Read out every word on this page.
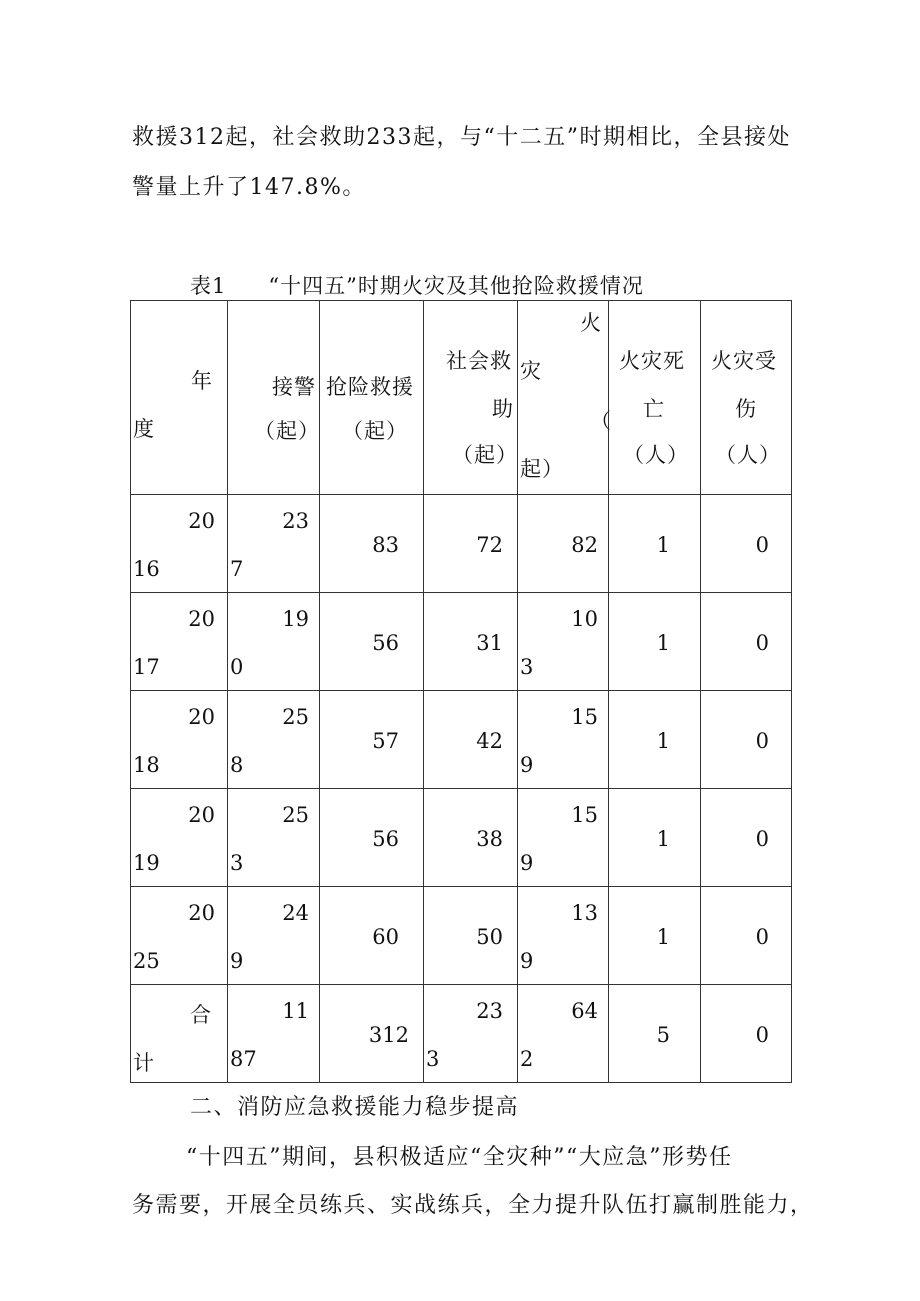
救援312起，社会救助233起，与“十二五”时期相比，全县接处

警量上升了147.8%。

表1 “十四五”时期火灾及其他抢险救援情况

年
度	接警
（起）	抢险救援
（起）	社会救
助
（起）	火
灾
（
起）	火灾死
亡
（人）	火灾受
伤
（人）

20
16	23
7	83	72	82	1	0

20
17	19
0	56	31	10
3	1	0

20
18	25
8	57	42	15
9	1	0

20
19	25
3	56	38	15
9	1	0

20
25	24
9	60	50	13
9	1	0

合
计	11
87	312	23
3	64
2	5	0

二、消防应急救援能力稳步提高

“十四五”期间，县积极适应“全灾种”“大应急”形势任

务需要，开展全员练兵、实战练兵，全力提升队伍打赢制胜能力，
